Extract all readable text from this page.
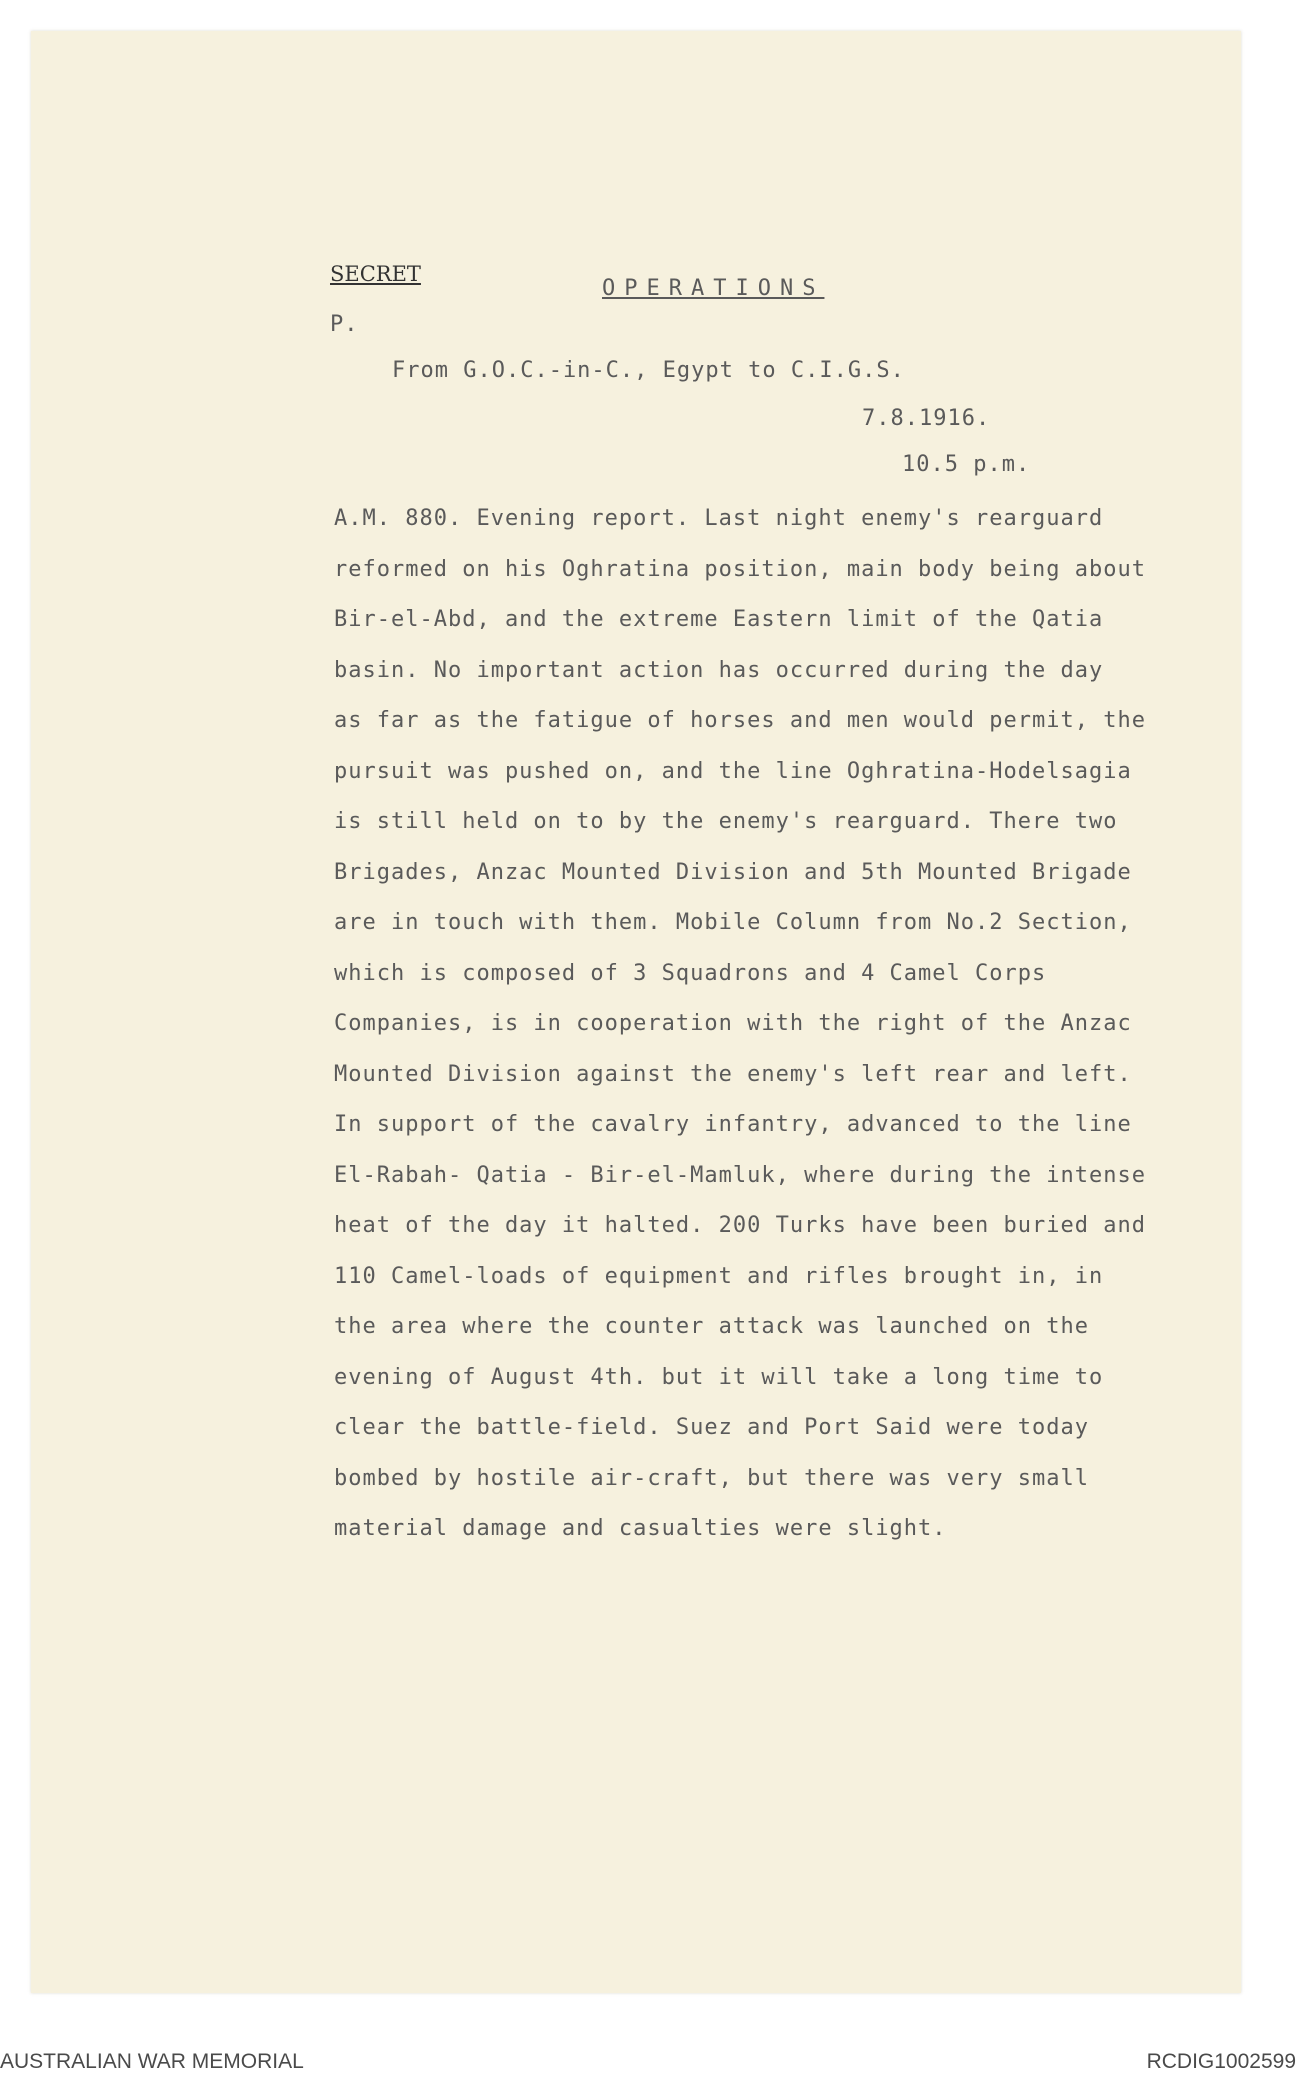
SECRET
OPERATIONS
P.
From G.O.C.-in-C., Egypt to C.I.G.S.
7.8.1916.
10.5 p.m.
A.M. 880. Evening report. Last night enemy's rearguard
reformed on his Oghratina position, main body being about
Bir-el-Abd, and the extreme Eastern limit of the Qatia
basin. No important action has occurred during the day
as far as the fatigue of horses and men would permit, the
pursuit was pushed on, and the line Oghratina-Hodelsagia
is still held on to by the enemy's rearguard. There two
Brigades, Anzac Mounted Division and 5th Mounted Brigade
are in touch with them. Mobile Column from No.2 Section,
which is composed of 3 Squadrons and 4 Camel Corps
Companies, is in cooperation with the right of the Anzac
Mounted Division against the enemy's left rear and left.
In support of the cavalry infantry, advanced to the line
El-Rabah- Qatia - Bir-el-Mamluk, where during the intense
heat of the day it halted. 200 Turks have been buried and
110 Camel-loads of equipment and rifles brought in, in
the area where the counter attack was launched on the
evening of August 4th. but it will take a long time to
clear the battle-field. Suez and Port Said were today
bombed by hostile air-craft, but there was very small
material damage and casualties were slight.
AUSTRALIAN WAR MEMORIAL	RCDIG1002599
